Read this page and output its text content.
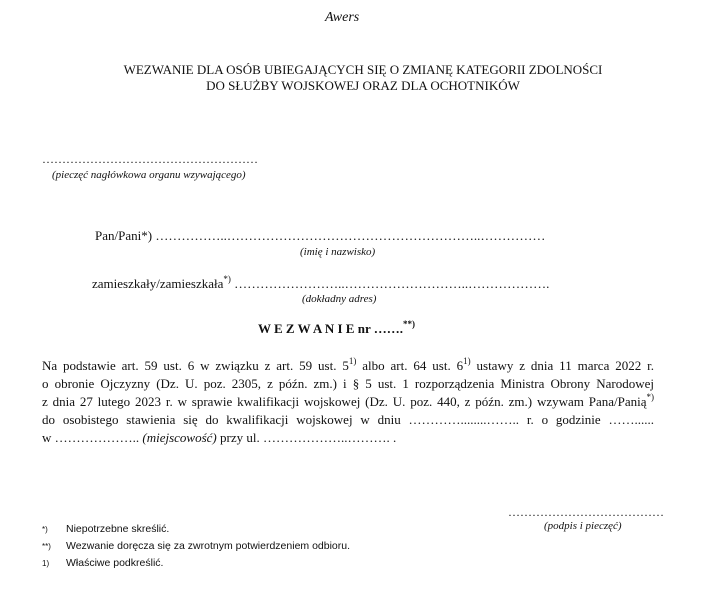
Awers
WEZWANIE DLA OSÓB UBIEGAJĄCYCH SIĘ O ZMIANĘ KATEGORII ZDOLNOŚCI
DO SŁUŻBY WOJSKOWEJ ORAZ DLA OCHOTNIKÓW
………………………………………………
(pieczęć nagłówkowa organu wzywającego)
Pan/Pani*) ……………..…………………………………………………..……………
(imię i nazwisko)
zamieszkały/zamieszkała*) ……………………..………………………..……………….
(dokładny adres)
W E Z W A N I E nr …….**)
Na podstawie art. 59 ust. 6 w związku z art. 59 ust. 5$^{1)}$ albo art. 64 ust. 6$^{1)}$ ustawy z dnia 11 marca 2022 r.
o obronie Ojczyzny (Dz. U. poz. 2305, z późn. zm.) i § 5 ust. 1 rozporządzenia Ministra Obrony Narodowej
z dnia 27 lutego 2023 r. w sprawie kwalifikacji wojskowej (Dz. U. poz. 440, z późn. zm.) wzywam Pana/Panią*)
do osobistego stawienia się do kwalifikacji wojskowej w dniu …………........…….. r. o godzinie ……......
w ……………….. (miejscowość) przy ul. ………………..………. .
…………………………………
(podpis i pieczęć)
*) Niepotrzebne skreślić.
**) Wezwanie doręcza się za zwrotnym potwierdzeniem odbioru.
1) Właściwe podkreślić.
